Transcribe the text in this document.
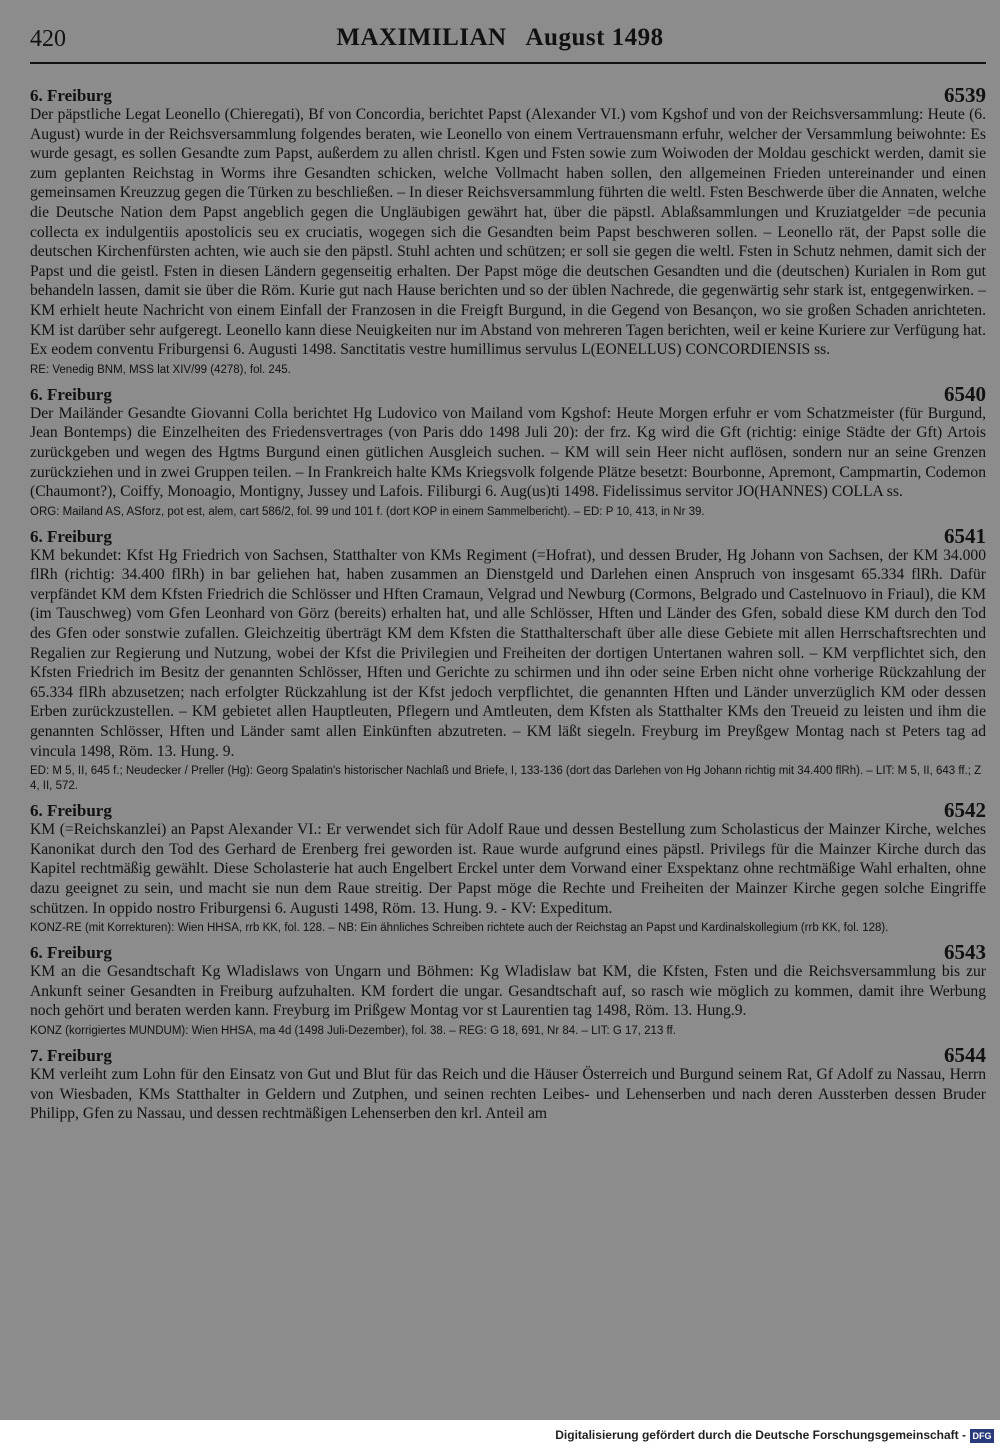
420	MAXIMILIAN   August 1498
6. Freiburg	6539

Der päpstliche Legat Leonello (Chieregati), Bf von Concordia, berichtet Papst (Alexander VI.) vom Kgshof und von der Reichsversammlung: Heute (6. August) wurde in der Reichsversammlung folgendes beraten, wie Leonello von einem Vertrauensmann erfuhr, welcher der Versammlung beiwohnte: Es wurde gesagt, es sollen Gesandte zum Papst, außerdem zu allen christl. Kgen und Fsten sowie zum Woiwoden der Moldau geschickt werden, damit sie zum geplanten Reichstag in Worms ihre Gesandten schicken, welche Vollmacht haben sollen, den allgemeinen Frieden untereinander und einen gemeinsamen Kreuzzug gegen die Türken zu beschließen. – In dieser Reichsversammlung führten die weltl. Fsten Beschwerde über die Annaten, welche die Deutsche Nation dem Papst angeblich gegen die Ungläubigen gewährt hat, über die päpstl. Ablaßsammlungen und Kruziatgelder =de pecunia collecta ex indulgentiis apostolicis seu ex cruciatis, wogegen sich die Gesandten beim Papst beschweren sollen. – Leonello rät, der Papst solle die deutschen Kirchenfürsten achten, wie auch sie den päpstl. Stuhl achten und schützen; er soll sie gegen die weltl. Fsten in Schutz nehmen, damit sich der Papst und die geistl. Fsten in diesen Ländern gegenseitig erhalten. Der Papst möge die deutschen Gesandten und die (deutschen) Kurialen in Rom gut behandeln lassen, damit sie über die Röm. Kurie gut nach Hause berichten und so der üblen Nachrede, die gegenwärtig sehr stark ist, entgegenwirken. – KM erhielt heute Nachricht von einem Einfall der Franzosen in die Freigft Burgund, in die Gegend von Besançon, wo sie großen Schaden anrichteten. KM ist darüber sehr aufgeregt. Leonello kann diese Neuigkeiten nur im Abstand von mehreren Tagen berichten, weil er keine Kuriere zur Verfügung hat. Ex eodem conventu Friburgensi 6. Augusti 1498. Sanctitatis vestre humillimus servulus L(EONELLUS) CONCORDIENSIS ss.

RE: Venedig BNM, MSS lat XIV/99 (4278), fol. 245.

6. Freiburg	6540

Der Mailänder Gesandte Giovanni Colla berichtet Hg Ludovico von Mailand vom Kgshof: Heute Morgen erfuhr er vom Schatzmeister (für Burgund, Jean Bontemps) die Einzelheiten des Friedensvertrages (von Paris ddo 1498 Juli 20): der frz. Kg wird die Gft (richtig: einige Städte der Gft) Artois zurückgeben und wegen des Hgtms Burgund einen gütlichen Ausgleich suchen. – KM will sein Heer nicht auflösen, sondern nur an seine Grenzen zurückziehen und in zwei Gruppen teilen. – In Frankreich halte KMs Kriegsvolk folgende Plätze besetzt: Bourbonne, Apremont, Campmartin, Codemon (Chaumont?), Coiffy, Monoagio, Montigny, Jussey und Lafois. Filiburgi 6. Aug(us)ti 1498. Fidelissimus servitor JO(HANNES) COLLA ss.

ORG: Mailand AS, ASforz, pot est, alem, cart 586/2, fol. 99 und 101 f. (dort KOP in einem Sammelbericht). – ED: P 10, 413, in Nr 39.

6. Freiburg	6541

KM bekundet: Kfst Hg Friedrich von Sachsen, Statthalter von KMs Regiment (=Hofrat), und dessen Bruder, Hg Johann von Sachsen, der KM 34.000 flRh (richtig: 34.400 flRh) in bar geliehen hat, haben zusammen an Dienstgeld und Darlehen einen Anspruch von insgesamt 65.334 flRh. Dafür verpfändet KM dem Kfsten Friedrich die Schlösser und Hften Cramaun, Velgrad und Newburg (Cormons, Belgrado und Castelnuovo in Friaul), die KM (im Tauschweg) vom Gfen Leonhard von Görz (bereits) erhalten hat, und alle Schlösser, Hften und Länder des Gfen, sobald diese KM durch den Tod des Gfen oder sonstwie zufallen. Gleichzeitig überträgt KM dem Kfsten die Statthalterschaft über alle diese Gebiete mit allen Herrschaftsrechten und Regalien zur Regierung und Nutzung, wobei der Kfst die Privilegien und Freiheiten der dortigen Untertanen wahren soll. – KM verpflichtet sich, den Kfsten Friedrich im Besitz der genannten Schlösser, Hften und Gerichte zu schirmen und ihn oder seine Erben nicht ohne vorherige Rückzahlung der 65.334 flRh abzusetzen; nach erfolgter Rückzahlung ist der Kfst jedoch verpflichtet, die genannten Hften und Länder unverzüglich KM oder dessen Erben zurückzustellen. – KM gebietet allen Hauptleuten, Pflegern und Amtleuten, dem Kfsten als Statthalter KMs den Treueid zu leisten und ihm die genannten Schlösser, Hften und Länder samt allen Einkünften abzutreten. – KM läßt siegeln. Freyburg im Preyßgew Montag nach st Peters tag ad vincula 1498, Röm. 13. Hung. 9.

ED: M 5, II, 645 f.; Neudecker / Preller (Hg): Georg Spalatin's historischer Nachlaß und Briefe, I, 133-136 (dort das Darlehen von Hg Johann richtig mit 34.400 flRh). – LIT: M 5, II, 643 ff.; Z 4, II, 572.

6. Freiburg	6542

KM (=Reichskanzlei) an Papst Alexander VI.: Er verwendet sich für Adolf Raue und dessen Bestellung zum Scholasticus der Mainzer Kirche, welches Kanonikat durch den Tod des Gerhard de Erenberg frei geworden ist. Raue wurde aufgrund eines päpstl. Privilegs für die Mainzer Kirche durch das Kapitel rechtmäßig gewählt. Diese Scholasterie hat auch Engelbert Erckel unter dem Vorwand einer Exspektanz ohne rechtmäßige Wahl erhalten, ohne dazu geeignet zu sein, und macht sie nun dem Raue streitig. Der Papst möge die Rechte und Freiheiten der Mainzer Kirche gegen solche Eingriffe schützen. In oppido nostro Friburgensi 6. Augusti 1498, Röm. 13. Hung. 9. - KV: Expeditum.

KONZ-RE (mit Korrekturen): Wien HHSA, rrb KK, fol. 128. – NB: Ein ähnliches Schreiben richtete auch der Reichstag an Papst und Kardinalskollegium (rrb KK, fol. 128).

6. Freiburg	6543

KM an die Gesandtschaft Kg Wladislaws von Ungarn und Böhmen: Kg Wladislaw bat KM, die Kfsten, Fsten und die Reichsversammlung bis zur Ankunft seiner Gesandten in Freiburg aufzuhalten. KM fordert die ungar. Gesandtschaft auf, so rasch wie möglich zu kommen, damit ihre Werbung noch gehört und beraten werden kann. Freyburg im Prißgew Montag vor st Laurentien tag 1498, Röm. 13. Hung.9.

KONZ (korrigiertes MUNDUM): Wien HHSA, ma 4d (1498 Juli-Dezember), fol. 38. – REG: G 18, 691, Nr 84. – LIT: G 17, 213 ff.

7. Freiburg	6544

KM verleiht zum Lohn für den Einsatz von Gut und Blut für das Reich und die Häuser Österreich und Burgund seinem Rat, Gf Adolf zu Nassau, Herrn von Wiesbaden, KMs Statthalter in Geldern und Zutphen, und seinen rechten Leibes- und Lehenserben und nach deren Aussterben dessen Bruder Philipp, Gfen zu Nassau, und dessen rechtmäßigen Lehenserben den krl. Anteil am

Digitalisierung gefördert durch die Deutsche Forschungsgemeinschaft - DFG
